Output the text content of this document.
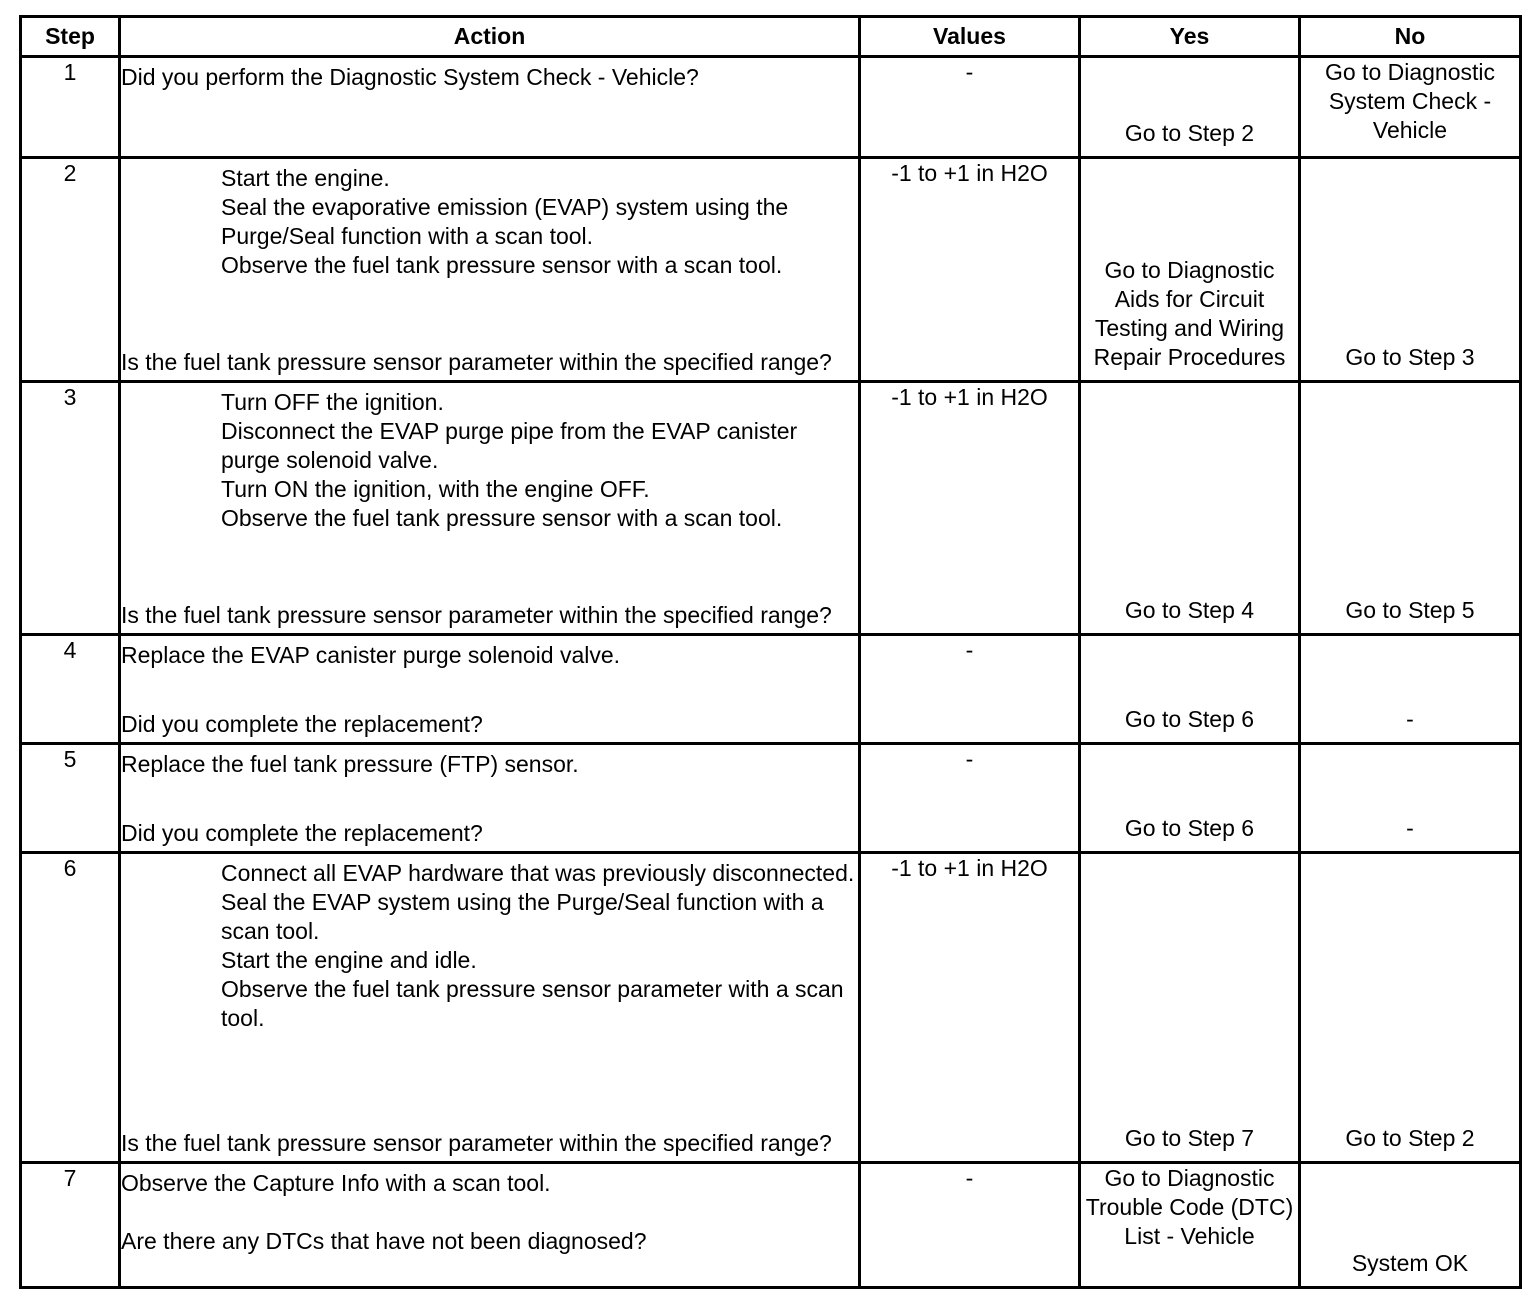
Step	Action	Values	Yes	No
1	Did you perform the Diagnostic System Check - Vehicle?	-	Go to Step 2	Go to Diagnostic System Check - Vehicle

2	Start the engine.
Seal the evaporative emission (EVAP) system using the Purge/Seal function with a scan tool.
Observe the fuel tank pressure sensor with a scan tool.
Is the fuel tank pressure sensor parameter within the specified range?	-1 to +1 in H2O	Go to Diagnostic Aids for Circuit Testing and Wiring Repair Procedures	Go to Step 3

3	Turn OFF the ignition.
Disconnect the EVAP purge pipe from the EVAP canister purge solenoid valve.
Turn ON the ignition, with the engine OFF.
Observe the fuel tank pressure sensor with a scan tool.
Is the fuel tank pressure sensor parameter within the specified range?	-1 to +1 in H2O	Go to Step 4	Go to Step 5

4	Replace the EVAP canister purge solenoid valve.
Did you complete the replacement?	-	Go to Step 6	-

5	Replace the fuel tank pressure (FTP) sensor.
Did you complete the replacement?	-	Go to Step 6	-

6	Connect all EVAP hardware that was previously disconnected.
Seal the EVAP system using the Purge/Seal function with a scan tool.
Start the engine and idle.
Observe the fuel tank pressure sensor parameter with a scan tool.
Is the fuel tank pressure sensor parameter within the specified range?	-1 to +1 in H2O	Go to Step 7	Go to Step 2

7	Observe the Capture Info with a scan tool.
Are there any DTCs that have not been diagnosed?	-	Go to Diagnostic Trouble Code (DTC) List - Vehicle	System OK
